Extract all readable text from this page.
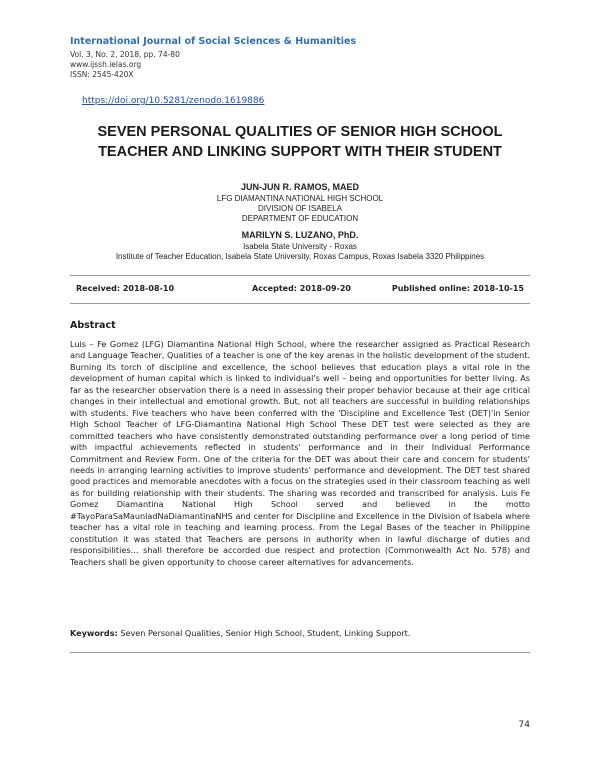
International Journal of Social Sciences & Humanities
Vol. 3, No. 2, 2018, pp. 74-80
www.ijssh.ielas.org
ISSN: 2545-420X
https://doi.org/10.5281/zenodo.1619886
SEVEN PERSONAL QUALITIES OF SENIOR HIGH SCHOOL
TEACHER AND LINKING SUPPORT WITH THEIR STUDENT
JUN-JUN R. RAMOS, MAED
LFG DIAMANTINA NATIONAL HIGH SCHOOL
DIVISION OF ISABELA
DEPARTMENT OF EDUCATION
MARILYN S. LUZANO, PhD.
Isabela State University - Roxas
Institute of Teacher Education, Isabela State University, Roxas Campus, Roxas Isabela 3320 Philippines
Received: 2018-08-10	Accepted: 2018-09-20	Published online: 2018-10-15
Abstract

Luis – Fe Gomez (LFG) Diamantina National High School, where the researcher assigned as Practical Research and Language Teacher, Qualities of a teacher is one of the key arenas in the holistic development of the student. Burning its torch of discipline and excellence, the school believes that education plays a vital role in the development of human capital which is linked to individual's well – being and opportunities for better living. As far as the researcher observation there is a need in assessing their proper behavior because at their age critical changes in their intellectual and emotional growth. But, not all teachers are successful in building relationships with students. Five teachers who have been conferred with the 'Discipline and Excellence Test (DET)'in Senior High School Teacher of LFG-Diamantina National High School These DET test were selected as they are committed teachers who have consistently demonstrated outstanding performance over a long period of time with impactful achievements reflected in students' performance and in their Individual Performance Commitment and Review Form. One of the criteria for the DET was about their care and concern for students' needs in arranging learning activities to improve students' performance and development. The DET test shared good practices and memorable anecdotes with a focus on the strategies used in their classroom teaching as well as for building relationship with their students. The sharing was recorded and transcribed for analysis. Luis Fe Gomez Diamantina National High School served and believed in the motto #TayoParaSaMaunladNaDiamantinaNHS and center for Discipline and Excellence in the Division of Isabela where teacher has a vital role in teaching and learning process. From the Legal Bases of the teacher in Philippine constitution it was stated that Teachers are persons in authority when in lawful discharge of duties and responsibilities… shall therefore be accorded due respect and protection (Commonwealth Act No. 578) and Teachers shall be given opportunity to choose career alternatives for advancements.

Keywords: Seven Personal Qualities, Senior High School, Student, Linking Support.
74
